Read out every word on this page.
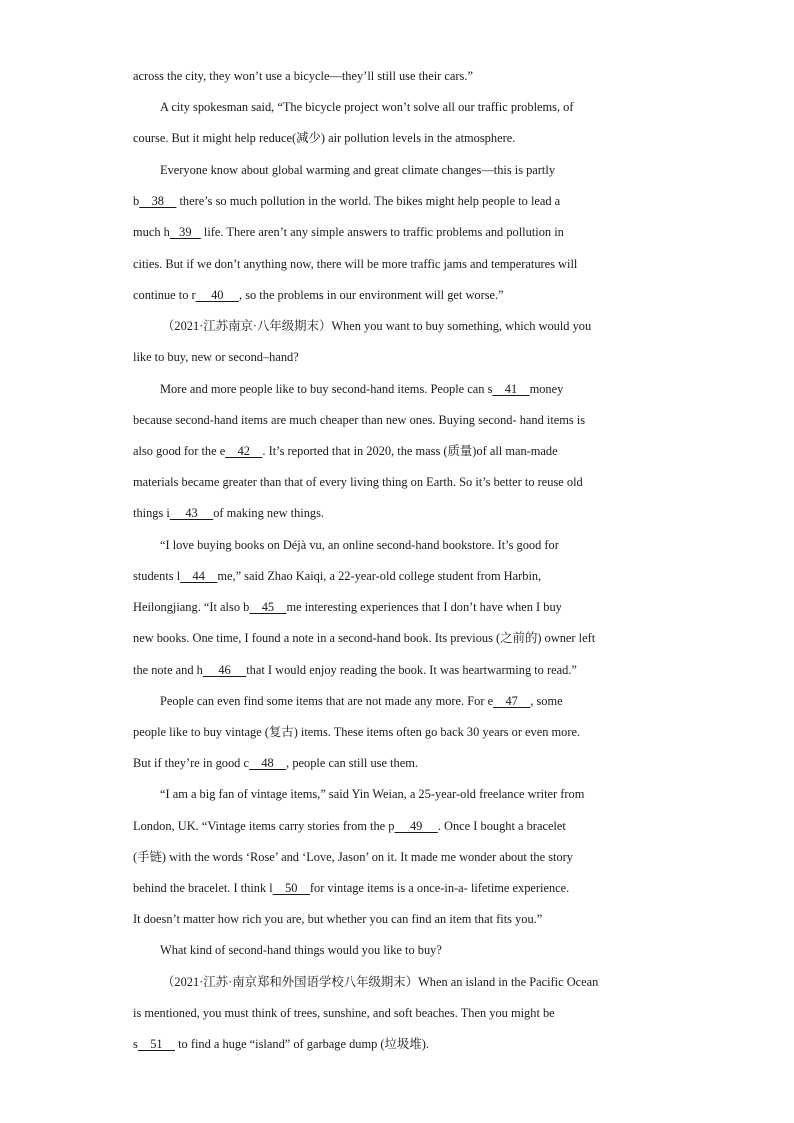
across the city, they won’t use a bicycle—they’ll still use their cars.”
A city spokesman said, “The bicycle project won’t solve all our traffic problems, of
course. But it might help reduce(减少) air pollution levels in the atmosphere.
Everyone know about global warming and great climate changes—this is partly
b    38     there’s so much pollution in the world. The bikes might help people to lead a
much h   39    life. There aren’t any simple answers to traffic problems and pollution in
cities. But if we don’t anything now, there will be more traffic jams and temperatures will
continue to r     40     , so the problems in our environment will get worse.”
（2021·江苏南京·八年级期末）When you want to buy something, which would you
like to buy, new or second–hand?
More and more people like to buy second-hand items. People can s    41    money
because second-hand items are much cheaper than new ones. Buying second- hand items is
also good for the e    42    . It’s reported that in 2020, the mass (质量)of all man-made
materials became greater than that of every living thing on Earth. So it’s better to reuse old
things i     43     of making new things.
“I love buying books on Déjà vu, an online second-hand bookstore. It’s good for
students l    44    me,” said Zhao Kaiqi, a 22-year-old college student from Harbin,
Heilongjiang. “It also b    45    me interesting experiences that I don’t have when I buy
new books. One time, I found a note in a second-hand book. Its previous (之前的) owner left
the note and h     46     that I would enjoy reading the book. It was heartwarming to read.”
People can even find some items that are not made any more. For e    47    , some
people like to buy vintage (复古) items. These items often go back 30 years or even more.
But if they’re in good c    48    , people can still use them.
“I am a big fan of vintage items,” said Yin Weian, a 25-year-old freelance writer from
London, UK. “Vintage items carry stories from the p     49     . Once I bought a bracelet
(手链) with the words ‘Rose’ and ‘Love, Jason’ on it. It made me wonder about the story
behind the bracelet. I think l    50    for vintage items is a once-in-a- lifetime experience.
It doesn’t matter how rich you are, but whether you can find an item that fits you.”
What kind of second-hand things would you like to buy?
（2021·江苏·南京郑和外国语学校八年级期末）When an island in the Pacific Ocean
is mentioned, you must think of trees, sunshine, and soft beaches. Then you might be
s    51     to find a huge “island” of garbage dump (垃圾堆).
